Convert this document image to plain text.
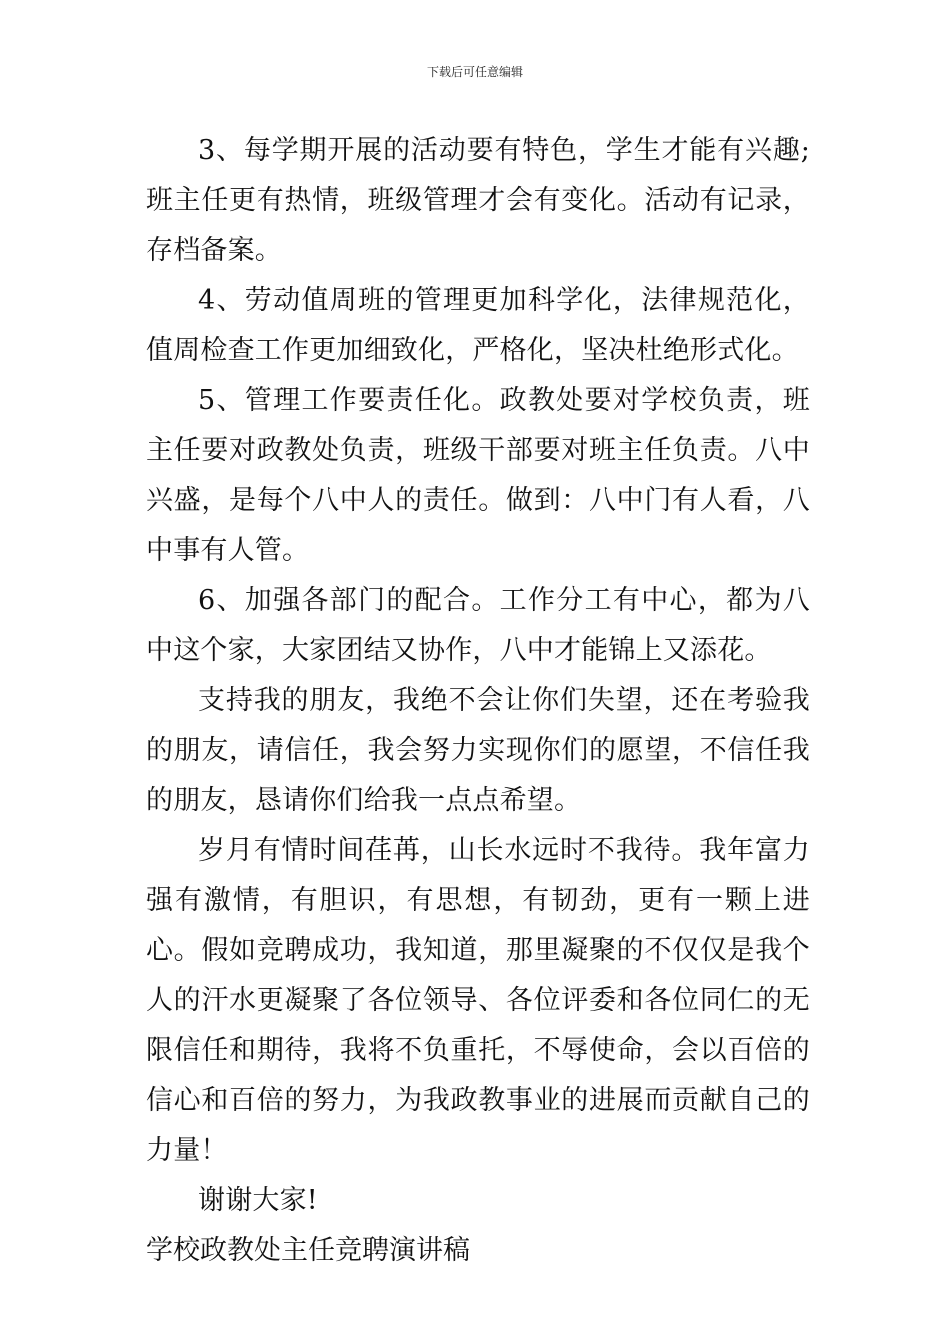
下载后可任意编辑

3、每学期开展的活动要有特色，学生才能有兴趣;班主任更有热情，班级管理才会有变化。活动有记录，存档备案。

4、劳动值周班的管理更加科学化，法律规范化，值周检查工作更加细致化，严格化，坚决杜绝形式化。

5、管理工作要责任化。政教处要对学校负责，班主任要对政教处负责，班级干部要对班主任负责。八中兴盛，是每个八中人的责任。做到：八中门有人看，八中事有人管。

6、加强各部门的配合。工作分工有中心，都为八中这个家，大家团结又协作，八中才能锦上又添花。

支持我的朋友，我绝不会让你们失望，还在考验我的朋友，请信任，我会努力实现你们的愿望，不信任我的朋友，恳请你们给我一点点希望。

岁月有情时间荏苒，山长水远时不我待。我年富力强有激情，有胆识，有思想，有韧劲，更有一颗上进心。假如竞聘成功，我知道，那里凝聚的不仅仅是我个人的汗水更凝聚了各位领导、各位评委和各位同仁的无限信任和期待，我将不负重托，不辱使命，会以百倍的信心和百倍的努力，为我政教事业的进展而贡献自己的力量！

谢谢大家!

学校政教处主任竞聘演讲稿
